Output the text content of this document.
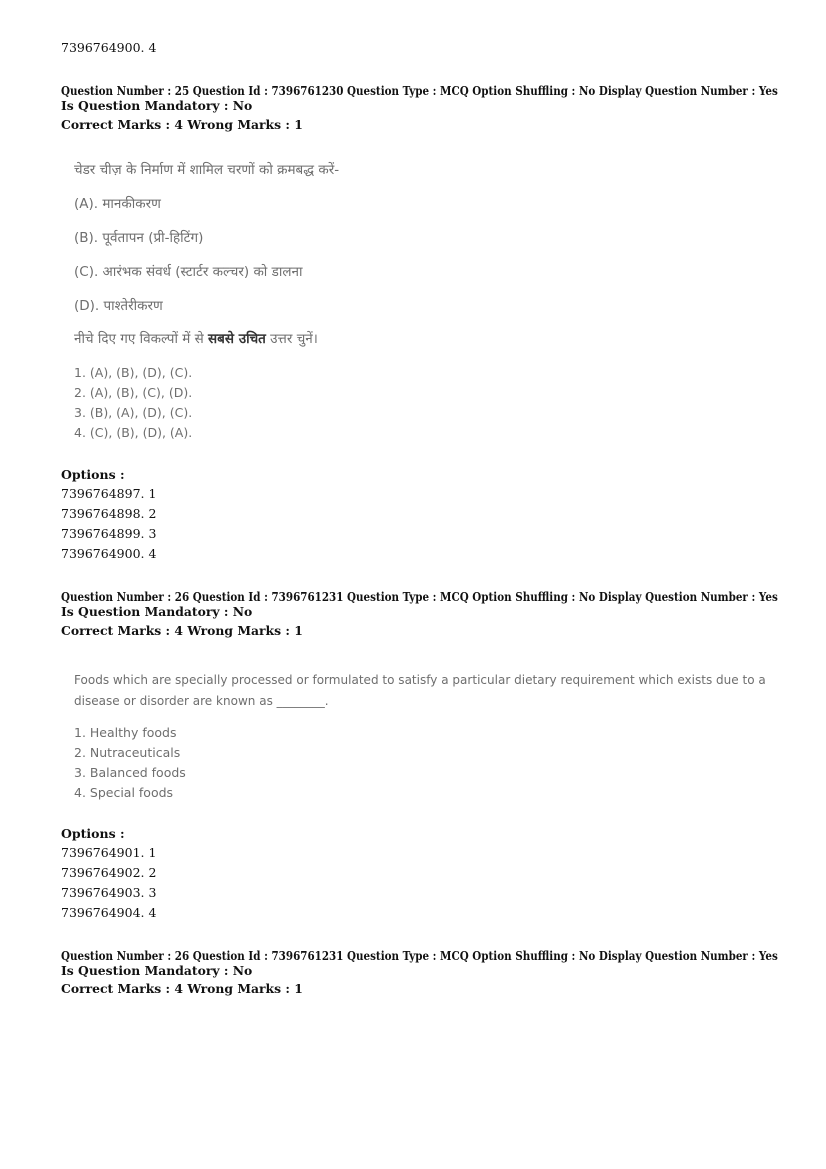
7396764900. 4
Question Number : 25 Question Id : 7396761230 Question Type : MCQ Option Shuffling : No Display Question Number : Yes
Is Question Mandatory : No
Correct Marks : 4 Wrong Marks : 1
चेडर चीज़ के निर्माण में शामिल चरणों को क्रमबद्ध करें-
(A). मानकीकरण
(B). पूर्वतापन (प्री-हिटिंग)
(C). आरंभक संवर्ध (स्टार्टर कल्चर) को डालना
(D). पाश्‍तेरीकरण
नीचे दिए गए विकल्पों में से सबसे उचित उत्तर चुनें।
1. (A), (B), (D), (C).
2. (A), (B), (C), (D).
3. (B), (A), (D), (C).
4. (C), (B), (D), (A).
Options :
7396764897. 1
7396764898. 2
7396764899. 3
7396764900. 4
Question Number : 26 Question Id : 7396761231 Question Type : MCQ Option Shuffling : No Display Question Number : Yes
Is Question Mandatory : No
Correct Marks : 4 Wrong Marks : 1
Foods which are specially processed or formulated to satisfy a particular dietary requirement which exists due to a disease or disorder are known as ________.
1. Healthy foods
2. Nutraceuticals
3. Balanced foods
4. Special foods
Options :
7396764901. 1
7396764902. 2
7396764903. 3
7396764904. 4
Question Number : 26 Question Id : 7396761231 Question Type : MCQ Option Shuffling : No Display Question Number : Yes
Is Question Mandatory : No
Correct Marks : 4 Wrong Marks : 1
